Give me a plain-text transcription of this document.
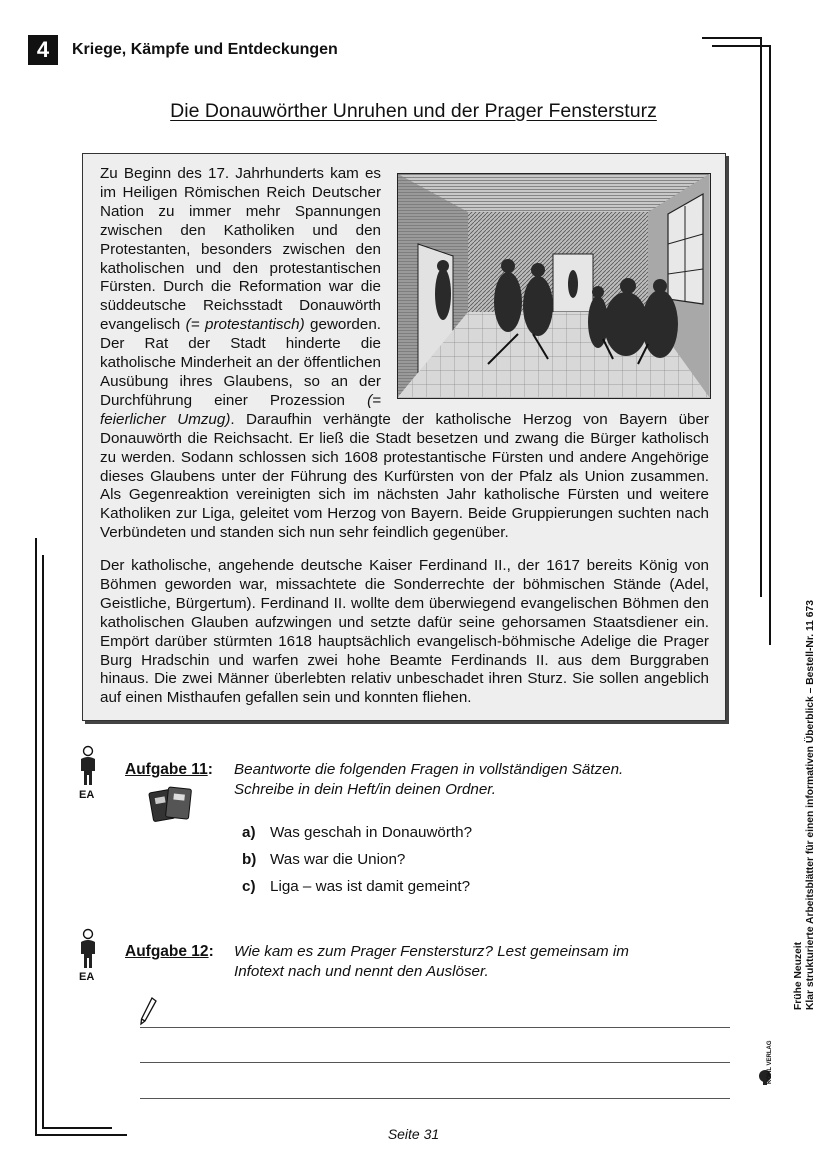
4	Kriege, Kämpfe und Entdeckungen
Die Donauwörther Unruhen und der Prager Fenstersturz

Zu Beginn des 17. Jahrhunderts kam es im Heiligen Römischen Reich Deutscher Nation zu immer mehr Spannungen zwischen den Katholiken und den Protestanten, besonders zwischen den katholischen und den protestantischen Fürsten. Durch die Reformation war die süddeutsche Reichsstadt Donauwörth evangelisch (= protestantisch) geworden. Der Rat der Stadt hinderte die katholische Minderheit an der öffentlichen Ausübung ihres Glaubens, so an der Durchführung einer Prozession (= feierlicher Umzug). Daraufhin verhängte der katholische Herzog von Bayern über Donauwörth die Reichsacht. Er ließ die Stadt besetzen und zwang die Bürger katholisch zu werden. Sodann schlossen sich 1608 protestantische Fürsten und andere Angehörige dieses Glaubens unter der Führung des Kurfürsten von der Pfalz als Union zusammen. Als Gegenreaktion vereinigten sich im nächsten Jahr katholische Fürsten und weitere Katholiken zur Liga, geleitet vom Herzog von Bayern. Beide Gruppierungen suchten nach Verbündeten und standen sich nun sehr feindlich gegenüber.

Der katholische, angehende deutsche Kaiser Ferdinand II., der 1617 bereits König von Böhmen geworden war, missachtete die Sonderrechte der böhmischen Stände (Adel, Geistliche, Bürgertum). Ferdinand II. wollte dem überwiegend evangelischen Böhmen den katholischen Glauben aufzwingen und setzte dafür seine gehorsamen Staatsdiener ein. Empört darüber stürmten 1618 hauptsächlich evangelisch-böhmische Adelige die Prager Burg Hradschin und warfen zwei hohe Beamte Ferdinands II. aus dem Burggraben hinaus. Die zwei Männer überlebten relativ unbeschadet ihren Sturz. Sie sollen angeblich auf einen Misthaufen gefallen sein und konnten fliehen.

EA
Aufgabe 11: Beantworte die folgenden Fragen in vollständigen Sätzen.
Schreibe in dein Heft/in deinen Ordner.
a) Was geschah in Donauwörth?
b) Was war die Union?
c) Liga – was ist damit gemeint?
EA
Aufgabe 12: Wie kam es zum Prager Fenstersturz? Lest gemeinsam im
Infotext nach und nennt den Auslöser.
Seite 31
Frühe Neuzeit Klar strukturierte Arbeitsblätter für einen informativen Überblick – Bestell-Nr. 11 673
KOHL VERLAG
